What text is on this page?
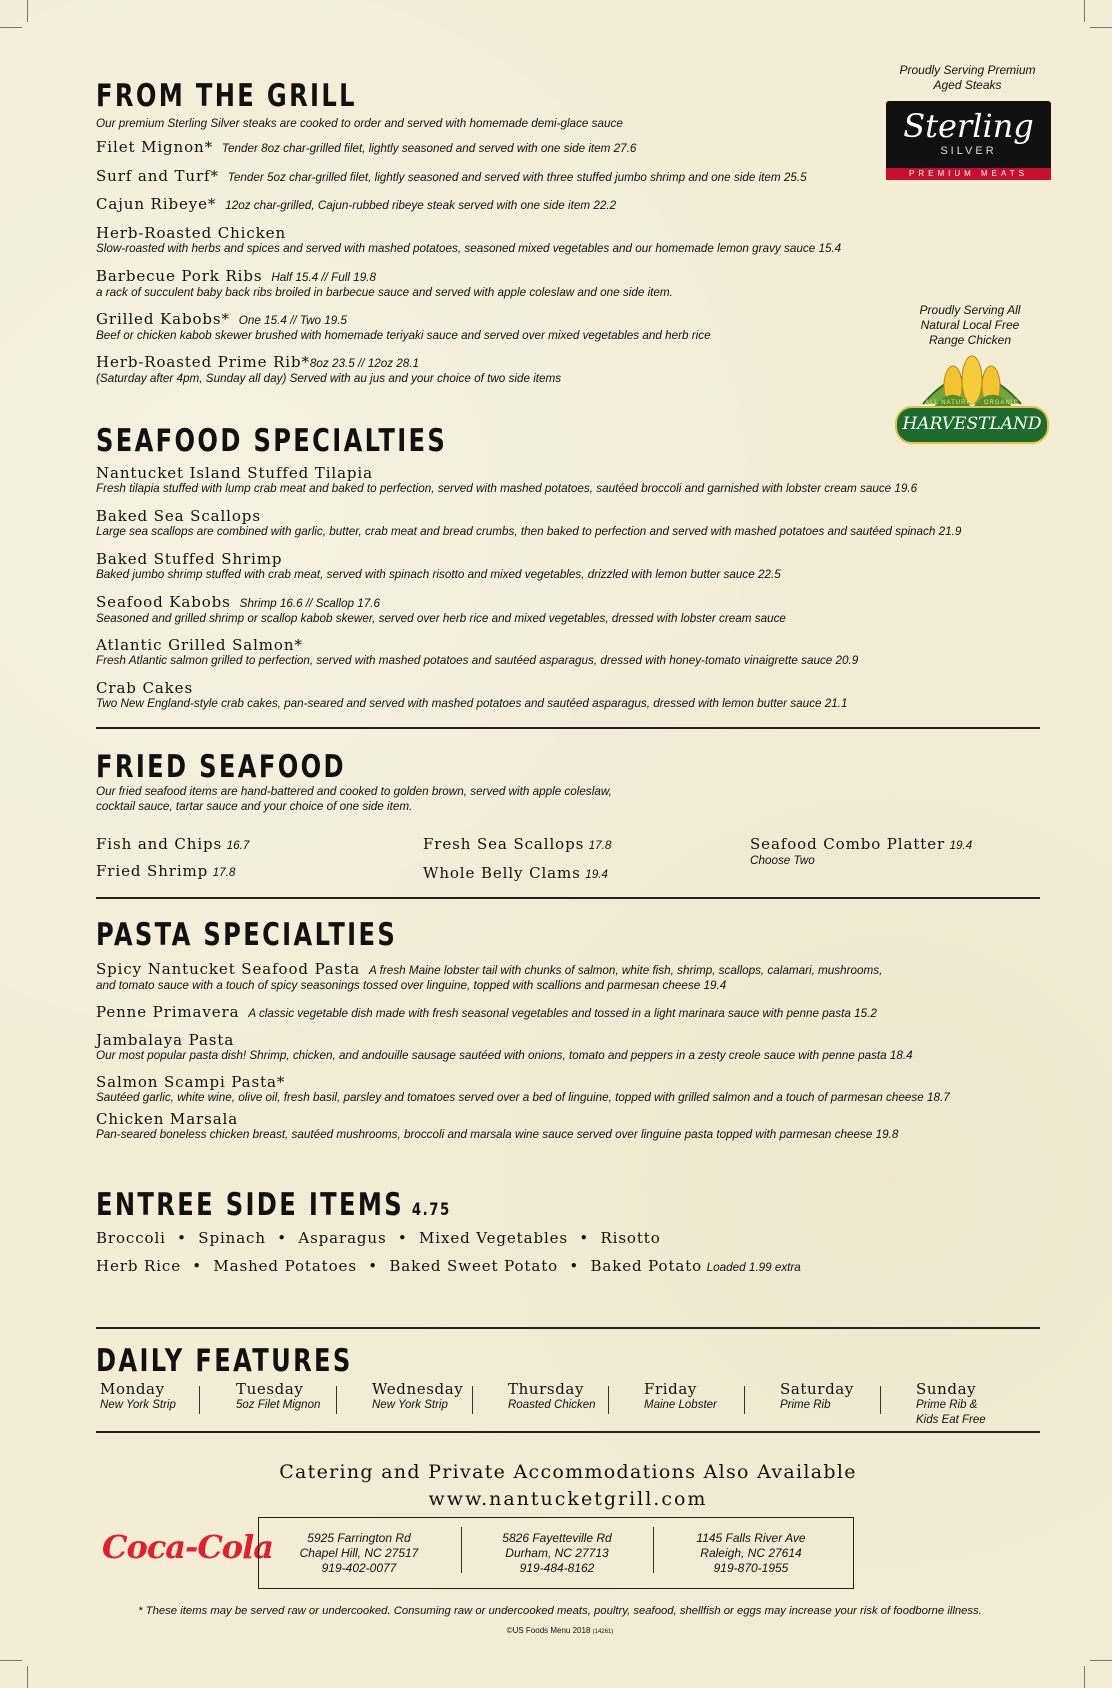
FROM THE GRILL
Our premium Sterling Silver steaks are cooked to order and served with homemade demi-glace sauce
Filet Mignon* Tender 8oz char-grilled filet, lightly seasoned and served with one side item 27.6
Surf and Turf* Tender 5oz char-grilled filet, lightly seasoned and served with three stuffed jumbo shrimp and one side item 25.5
Cajun Ribeye* 12oz char-grilled, Cajun-rubbed ribeye steak served with one side item 22.2
Herb-Roasted Chicken
Slow-roasted with herbs and spices and served with mashed potatoes, seasoned mixed vegetables and our homemade lemon gravy sauce 15.4
Barbecue Pork Ribs Half 15.4 // Full 19.8
a rack of succulent baby back ribs broiled in barbecue sauce and served with apple coleslaw and one side item.
Grilled Kabobs* One 15.4 // Two 19.5
Beef or chicken kabob skewer brushed with homemade teriyaki sauce and served over mixed vegetables and herb rice
Herb-Roasted Prime Rib*8oz 23.5 // 12oz 28.1
(Saturday after 4pm, Sunday all day) Served with au jus and your choice of two side items
Proudly Serving Premium
Aged Steaks
Sterling
SILVER
PREMIUM MEATS
Proudly Serving All
Natural Local Free
Range Chicken
ALL NATURAL · ORGANIC
HARVESTLAND
SEAFOOD SPECIALTIES
Nantucket Island Stuffed Tilapia
Fresh tilapia stuffed with lump crab meat and baked to perfection, served with mashed potatoes, sautéed broccoli and garnished with lobster cream sauce 19.6
Baked Sea Scallops
Large sea scallops are combined with garlic, butter, crab meat and bread crumbs, then baked to perfection and served with mashed potatoes and sautéed spinach 21.9
Baked Stuffed Shrimp
Baked jumbo shrimp stuffed with crab meat, served with spinach risotto and mixed vegetables, drizzled with lemon butter sauce 22.5
Seafood Kabobs Shrimp 16.6 // Scallop 17.6
Seasoned and grilled shrimp or scallop kabob skewer, served over herb rice and mixed vegetables, dressed with lobster cream sauce
Atlantic Grilled Salmon*
Fresh Atlantic salmon grilled to perfection, served with mashed potatoes and sautéed asparagus, dressed with honey-tomato vinaigrette sauce 20.9
Crab Cakes
Two New England-style crab cakes, pan-seared and served with mashed potatoes and sautéed asparagus, dressed with lemon butter sauce 21.1
FRIED SEAFOOD
Our fried seafood items are hand-battered and cooked to golden brown, served with apple coleslaw,
cocktail sauce, tartar sauce and your choice of one side item.
Fish and Chips 16.7
Fried Shrimp 17.8
Fresh Sea Scallops 17.8
Whole Belly Clams 19.4
Seafood Combo Platter 19.4
Choose Two
PASTA SPECIALTIES
Spicy Nantucket Seafood Pasta A fresh Maine lobster tail with chunks of salmon, white fish, shrimp, scallops, calamari, mushrooms,
and tomato sauce with a touch of spicy seasonings tossed over linguine, topped with scallions and parmesan cheese 19.4
Penne Primavera A classic vegetable dish made with fresh seasonal vegetables and tossed in a light marinara sauce with penne pasta 15.2
Jambalaya Pasta
Our most popular pasta dish! Shrimp, chicken, and andouille sausage sautéed with onions, tomato and peppers in a zesty creole sauce with penne pasta 18.4
Salmon Scampi Pasta*
Sautéed garlic, white wine, olive oil, fresh basil, parsley and tomatoes served over a bed of linguine, topped with grilled salmon and a touch of parmesan cheese 18.7
Chicken Marsala
Pan-seared boneless chicken breast, sautéed mushrooms, broccoli and marsala wine sauce served over linguine pasta topped with parmesan cheese 19.8
ENTREE SIDE ITEMS 4.75
Broccoli  •  Spinach  •  Asparagus  •  Mixed Vegetables  •  Risotto
Herb Rice  •  Mashed Potatoes  •  Baked Sweet Potato  •  Baked Potato Loaded 1.99 extra
DAILY FEATURES
Monday
New York Strip
Tuesday
5oz Filet Mignon
Wednesday
New York Strip
Thursday
Roasted Chicken
Friday
Maine Lobster
Saturday
Prime Rib
Sunday
Prime Rib &
Kids Eat Free
Catering and Private Accommodations Also Available
www.nantucketgrill.com
Coca-Cola	5925 Farrington Rd
Chapel Hill, NC 27517
919-402-0077
5826 Fayetteville Rd
Durham, NC 27713
919-484-8162
1145 Falls River Ave
Raleigh, NC 27614
919-870-1955
* These items may be served raw or undercooked. Consuming raw or undercooked meats, poultry, seafood, shellfish or eggs may increase your risk of foodborne illness.
©US Foods Menu 2018 (14261)
